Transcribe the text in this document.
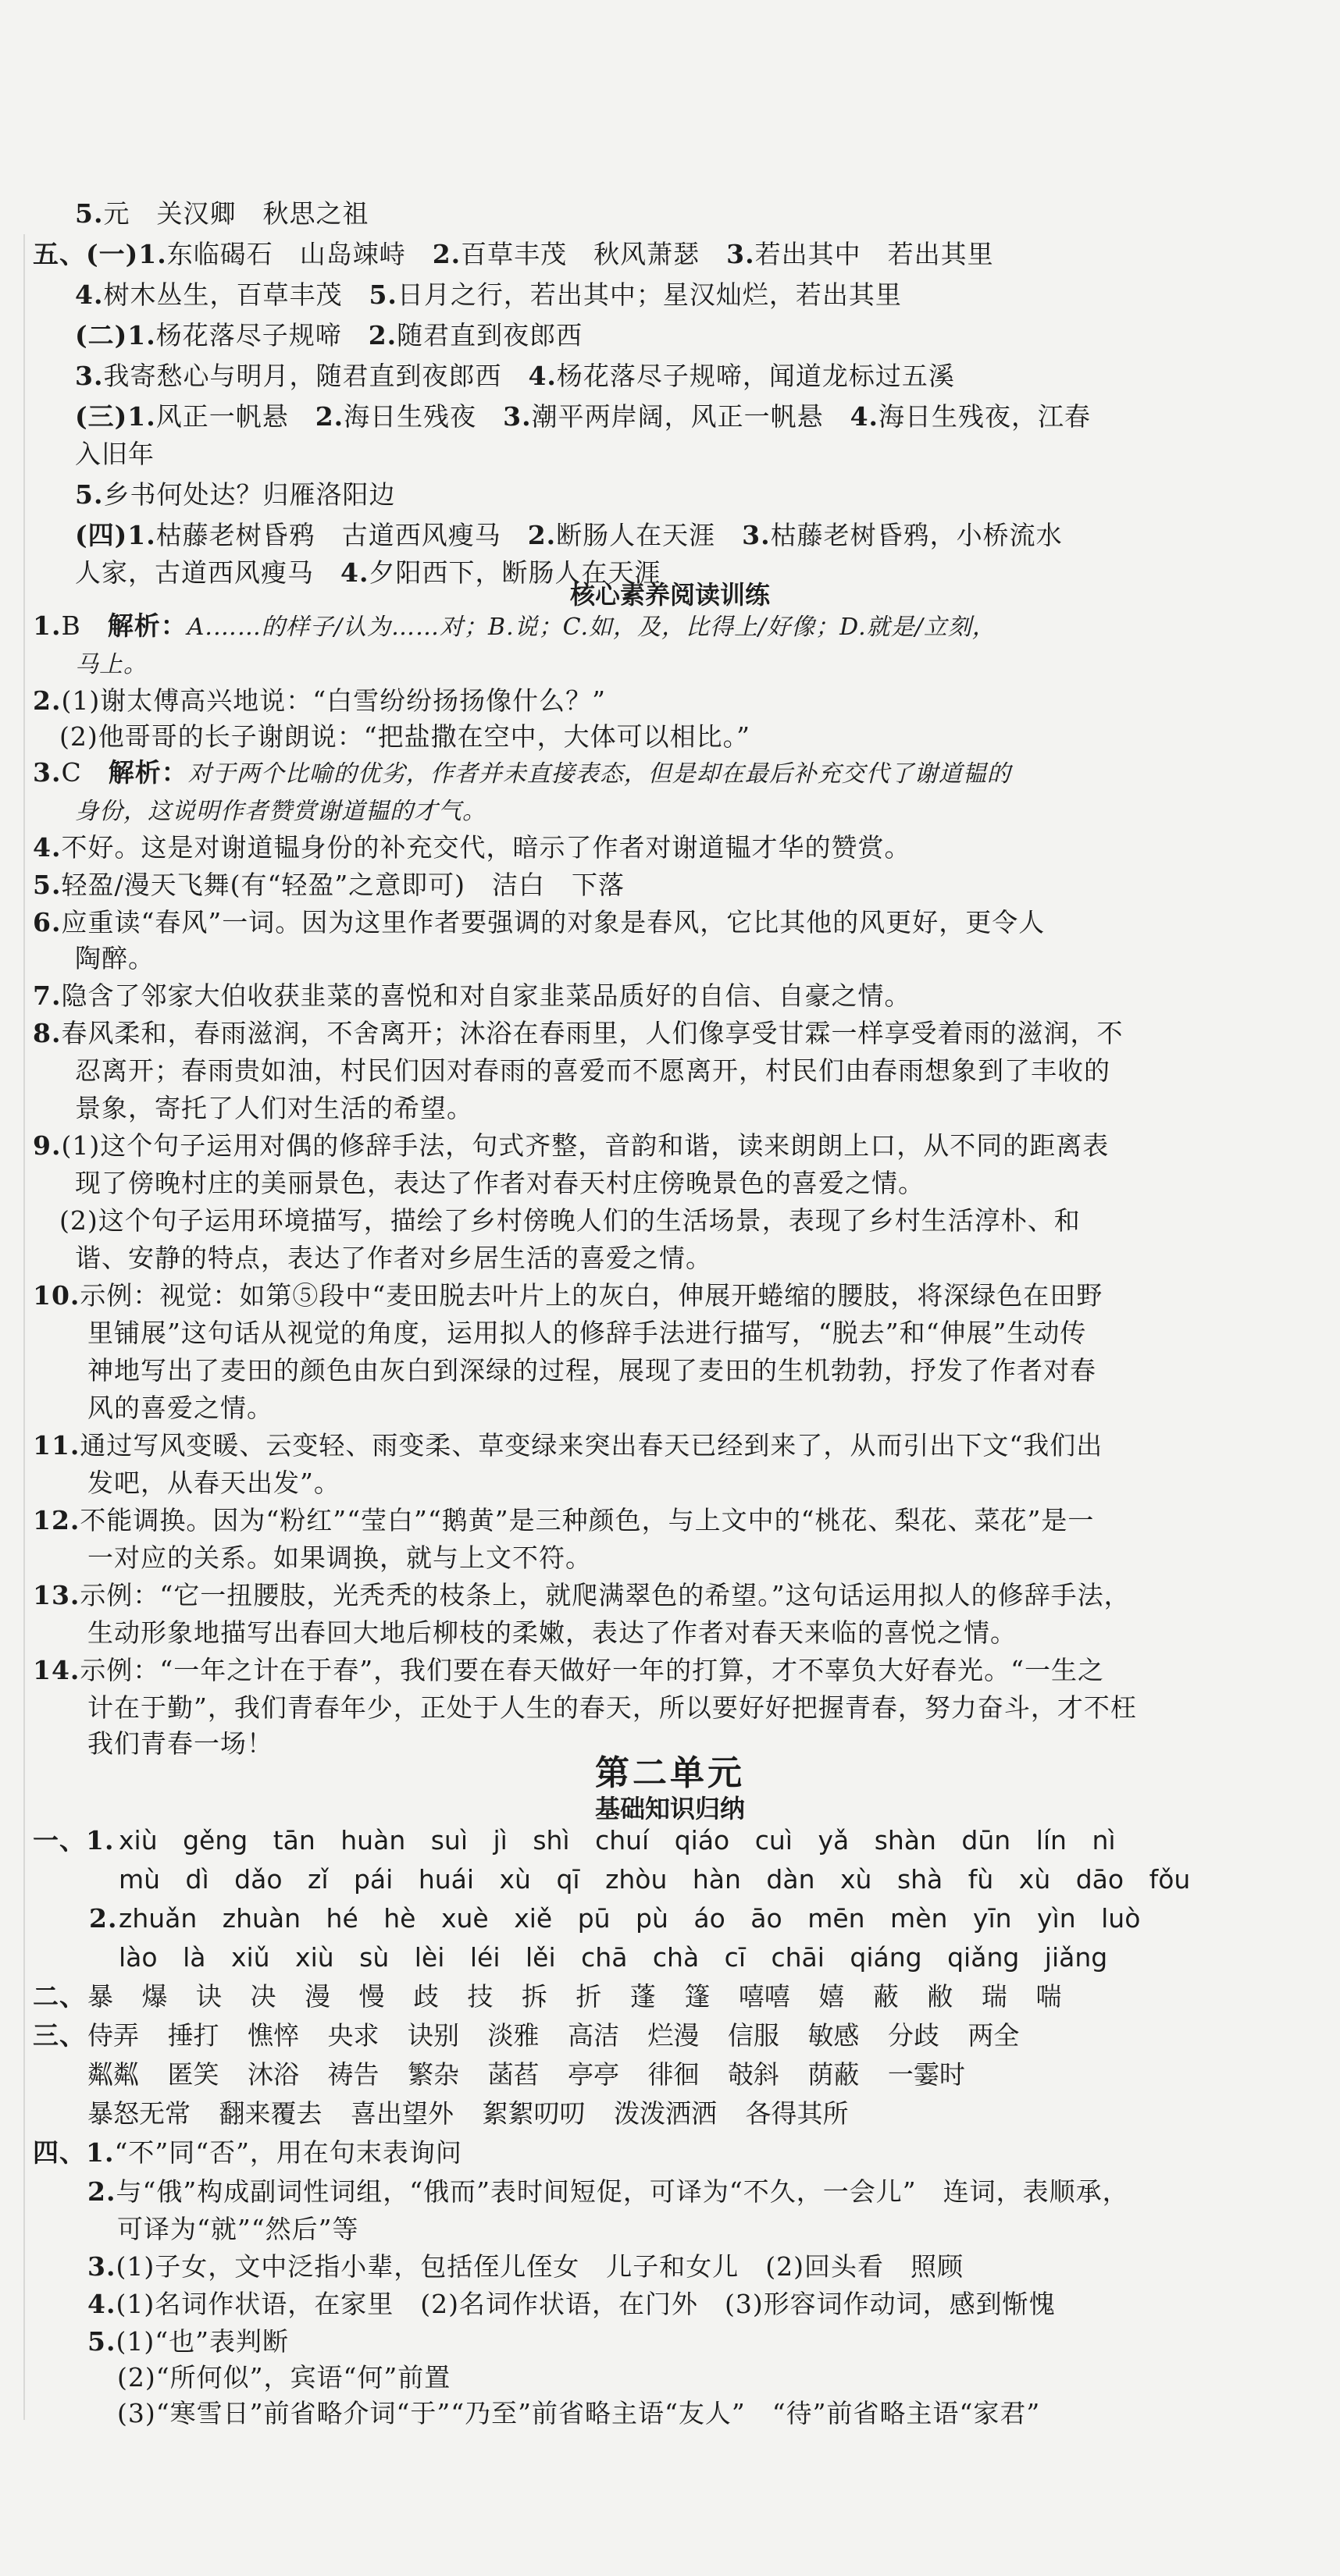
5.元　关汉卿　秋思之祖
五、(一)1.东临碣石　山岛竦峙　2.百草丰茂　秋风萧瑟　3.若出其中　若出其里
4.树木丛生，百草丰茂　5.日月之行，若出其中；星汉灿烂，若出其里
(二)1.杨花落尽子规啼　2.随君直到夜郎西
3.我寄愁心与明月，随君直到夜郎西　4.杨花落尽子规啼，闻道龙标过五溪
(三)1.风正一帆悬　2.海日生残夜　3.潮平两岸阔，风正一帆悬　4.海日生残夜，江春
入旧年
5.乡书何处达？归雁洛阳边
(四)1.枯藤老树昏鸦　古道西风瘦马　2.断肠人在天涯　3.枯藤老树昏鸦，小桥流水
人家，古道西风瘦马　4.夕阳西下，断肠人在天涯
核心素养阅读训练
1.B　解析：A.……的样子/认为……对；B.说；C.如，及，比得上/好像；D.就是/立刻，
马上。
2.(1)谢太傅高兴地说：“白雪纷纷扬扬像什么？”
(2)他哥哥的长子谢朗说：“把盐撒在空中，大体可以相比。”
3.C　解析：对于两个比喻的优劣，作者并未直接表态，但是却在最后补充交代了谢道韫的
身份，这说明作者赞赏谢道韫的才气。
4.不好。这是对谢道韫身份的补充交代，暗示了作者对谢道韫才华的赞赏。
5.轻盈/漫天飞舞(有“轻盈”之意即可)　洁白　下落
6.应重读“春风”一词。因为这里作者要强调的对象是春风，它比其他的风更好，更令人
陶醉。
7.隐含了邻家大伯收获韭菜的喜悦和对自家韭菜品质好的自信、自豪之情。
8.春风柔和，春雨滋润，不舍离开；沐浴在春雨里，人们像享受甘霖一样享受着雨的滋润，不
忍离开；春雨贵如油，村民们因对春雨的喜爱而不愿离开，村民们由春雨想象到了丰收的
景象，寄托了人们对生活的希望。
9.(1)这个句子运用对偶的修辞手法，句式齐整，音韵和谐，读来朗朗上口，从不同的距离表
现了傍晚村庄的美丽景色，表达了作者对春天村庄傍晚景色的喜爱之情。
(2)这个句子运用环境描写，描绘了乡村傍晚人们的生活场景，表现了乡村生活淳朴、和
谐、安静的特点，表达了作者对乡居生活的喜爱之情。
10.示例：视觉：如第⑤段中“麦田脱去叶片上的灰白，伸展开蜷缩的腰肢，将深绿色在田野
里铺展”这句话从视觉的角度，运用拟人的修辞手法进行描写，“脱去”和“伸展”生动传
神地写出了麦田的颜色由灰白到深绿的过程，展现了麦田的生机勃勃，抒发了作者对春
风的喜爱之情。
11.通过写风变暖、云变轻、雨变柔、草变绿来突出春天已经到来了，从而引出下文“我们出
发吧，从春天出发”。
12.不能调换。因为“粉红”“莹白”“鹅黄”是三种颜色，与上文中的“桃花、梨花、菜花”是一
一对应的关系。如果调换，就与上文不符。
13.示例：“它一扭腰肢，光秃秃的枝条上，就爬满翠色的希望。”这句话运用拟人的修辞手法，
生动形象地描写出春回大地后柳枝的柔嫩，表达了作者对春天来临的喜悦之情。
14.示例：“一年之计在于春”，我们要在春天做好一年的打算，才不辜负大好春光。“一生之
计在于勤”，我们青春年少，正处于人生的春天，所以要好好把握青春，努力奋斗，才不枉
我们青春一场！
第二单元
基础知识归纳
一、1. xiù gěng tān huàn suì jì shì chuí qiáo cuì yǎ shàn dūn lín nì
mù dì dǎo zǐ pái huái xù qī zhòu hàn dàn xù shà fù xù dāo fǒu
2. zhuǎn zhuàn hé hè xuè xiě pū pù áo āo mēn mèn yīn yìn luò
lào là xiǔ xiù sù lèi léi lěi chā chà cī chāi qiáng qiǎng jiǎng
二、 暴 爆 诀 决 漫 慢 歧 技 拆 折 蓬 篷 嘻嘻 嬉 蔽 敝 瑞 喘
三、 侍弄 捶打 憔悴 央求 诀别 淡雅 高洁 烂漫 信服 敏感 分歧 两全
粼粼 匿笑 沐浴 祷告 繁杂 菡萏 亭亭 徘徊 攲斜 荫蔽 一霎时
暴怒无常 翻来覆去 喜出望外 絮絮叨叨 泼泼洒洒 各得其所
四、1.“不”同“否”，用在句末表询问
2.与“俄”构成副词性词组，“俄而”表时间短促，可译为“不久，一会儿”　连词，表顺承，
可译为“就”“然后”等
3.(1)子女，文中泛指小辈，包括侄儿侄女　儿子和女儿　(2)回头看　照顾
4.(1)名词作状语，在家里　(2)名词作状语，在门外　(3)形容词作动词，感到惭愧
5.(1)“也”表判断
(2)“所何似”，宾语“何”前置
(3)“寒雪日”前省略介词“于”“乃至”前省略主语“友人”　“待”前省略主语“家君”
